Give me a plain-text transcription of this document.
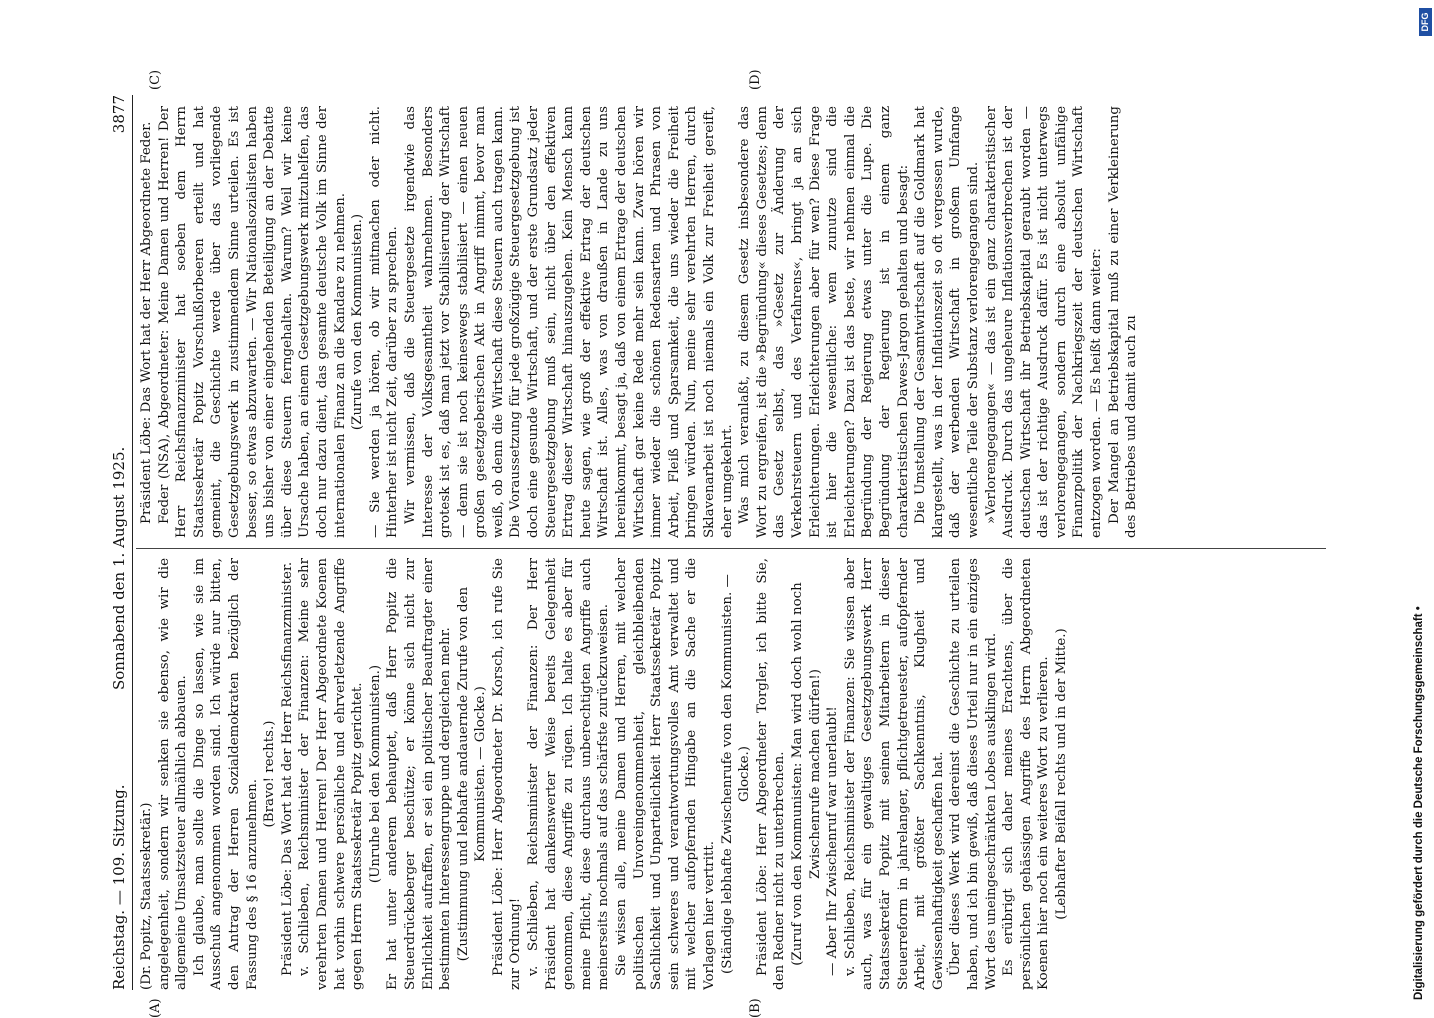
Reichstag. — 109. Sitzung.
Sonnabend den 1. August 1925.
3877

(Dr. Popitz, Staatssekretär.) angelegenheit, sondern wir senken sie ebenso, wie wir die allgemeine Umsatzsteuer allmählich abbauen. Ich glaube, man sollte die Dinge so lassen, wie sie im Ausschuß angenommen worden sind. Ich würde nur bitten, den Antrag der Herren Sozialdemokraten bezüglich der Fassung des § 16 anzunehmen.

(Bravo! rechts.) Präsident Löbe: Das Wort hat der Herr Reichsfinanzminister. v. Schlieben, Reichsminister der Finanzen: Meine sehr verehrten Damen und Herren! Der Herr Abgeordnete Koenen hat vorhin schwere persönliche und ehrverletzende Angriffe gegen Herrn Staatssekretär Popitz gerichtet. (Unruhe bei den Kommunisten.) Er hat unter anderem behauptet, daß Herr Popitz die Steuerdrückeberger beschütze; er könne sich nicht zur Ehrlichkeit aufraffen, er sei ein politischer Beauftragter einer bestimmten Interessengruppe und dergleichen mehr. (Zustimmung und lebhafte andauernde Zurufe von den Kommunisten. — Glocke.) Präsident Löbe: Herr Abgeordneter Dr. Korsch, ich rufe Sie zur Ordnung! v. Schlieben, Reichsminister der Finanzen: Der Herr Präsident hat dankenswerter Weise bereits Gelegenheit genommen, diese Angriffe zu rügen. Ich halte es aber für meine Pflicht, diese durchaus unberechtigten Angriffe auch meinerseits nochmals auf das schärfste zurückzuweisen. Sie wissen alle, meine Damen und Herren, mit welcher politischen Unvoreingenommenheit, gleichbleibenden Sachlichkeit und Unparteilichkeit Herr Staatssekretär Popitz sein schweres und verantwortungsvolles Amt verwaltet und mit welcher aufopfernden Hingabe an die Sache er die Vorlagen hier vertritt. (Ständige lebhafte Zwischenrufe von den Kommunisten. — Glocke.) Präsident Löbe: Herr Abgeordneter Torgler, ich bitte Sie, den Redner nicht zu unterbrechen. (Zuruf von den Kommunisten: Man wird doch wohl noch Zwischenrufe machen dürfen!) — Aber Ihr Zwischenruf war unerlaubt! v. Schlieben, Reichsminister der Finanzen: Sie wissen aber auch, was für ein gewaltiges Gesetzgebungswerk Herr Staatssekretär Popitz mit seinen Mitarbeitern in dieser Steuerreform in jahrelanger, pflichtgetreuester, aufopfernder Arbeit, mit größter Sachkenntnis, Klugheit und Gewissenhaftigkeit geschaffen hat. Über dieses Werk wird dereinst die Geschichte zu urteilen haben, und ich bin gewiß, daß dieses Urteil nur in ein einziges Wort des uneingeschränkten Lobes ausklingen wird. Es erübrigt sich daher meines Erachtens, über die persönlichen gehässigen Angriffe des Herrn Abgeordneten Koenen hier noch ein weiteres Wort zu verlieren. (Lebhafter Beifall rechts und in der Mitte.)

Präsident Löbe: Das Wort hat der Herr Abgeordnete Feder. Feder (NSA), Abgeordneter: Meine Damen und Herren! Der Herr Reichsfinanzminister hat soeben dem Herrn Staatssekretär Popitz Vorschußlorbeeren erteilt und hat gemeint, die Geschichte werde über das vorliegende Gesetzgebungswerk in zustimmendem Sinne urteilen. Es ist besser, so etwas abzuwarten. — Wir Nationalsozialisten haben uns bisher von einer eingehenden Beteiligung an der Debatte über diese Steuern ferngehalten. Warum? Weil wir keine Ursache haben, an einem Gesetzgebungswerk mitzuhelfen, das doch nur dazu dient, das gesamte deutsche Volk im Sinne der internationalen Finanz an die Kandare zu nehmen. (Zurufe von den Kommunisten.) — Sie werden ja hören, ob wir mitmachen oder nicht. Hinterher ist nicht Zeit, darüber zu sprechen. Wir vermissen, daß die Steuergesetze irgendwie das Interesse der Volksgesamtheit wahrnehmen. Besonders grotesk ist es, daß man jetzt vor Stabilisierung der Wirtschaft — denn sie ist noch keineswegs stabilisiert — einen neuen großen gesetzgeberischen Akt in Angriff nimmt, bevor man weiß, ob denn die Wirtschaft diese Steuern auch tragen kann. Die Voraussetzung für jede großzügige Steuergesetzgebung ist doch eine gesunde Wirtschaft, und der erste Grundsatz jeder Steuergesetzgebung muß sein, nicht über den effektiven Ertrag dieser Wirtschaft hinauszugehen. Kein Mensch kann heute sagen, wie groß der effektive Ertrag der deutschen Wirtschaft ist. Alles, was von draußen in Lande zu uns hereinkommt, besagt ja, daß von einem Ertrage der deutschen Wirtschaft gar keine Rede mehr sein kann. Zwar hören wir immer wieder die schönen Redensarten und Phrasen von Arbeit, Fleiß und Sparsamkeit, die uns wieder die Freiheit bringen würden. Nun, meine sehr verehrten Herren, durch Sklavenarbeit ist noch niemals ein Volk zur Freiheit gereift, eher umgekehrt. Was mich veranlaßt, zu diesem Gesetz insbesondere das Wort zu ergreifen, ist die »Begründung« dieses Gesetzes; denn das Gesetz selbst, das »Gesetz zur Änderung der Verkehrsteuern und des Verfahrens«, bringt ja an sich Erleichterungen. Erleichterungen aber für wen? Diese Frage ist hier die wesentliche: wem zunutze sind die Erleichterungen? Dazu ist das beste, wir nehmen einmal die Begründung der Regierung etwas unter die Lupe. Die Begründung der Regierung ist in einem ganz charakteristischen Dawes-Jargon gehalten und besagt: Die Umstellung der Gesamtwirtschaft auf die Goldmark hat klargestellt, was in der Inflationszeit so oft vergessen wurde, daß der werbenden Wirtschaft in großem Umfange wesentliche Teile der Substanz verlorengegangen sind. »Verlorengegangen« — das ist ein ganz charakteristischer Ausdruck. Durch das ungeheure Inflationsverbrechen ist der deutschen Wirtschaft ihr Betriebskapital geraubt worden — das ist der richtige Ausdruck dafür. Es ist nicht unterwegs verlorengegangen, sondern durch eine absolut unfähige Finanzpolitik der Nachkriegszeit der deutschen Wirtschaft entzogen worden. — Es heißt dann weiter: Der Mangel an Betriebskapital muß zu einer Verkleinerung des Betriebes und damit auch zu

(A)	(B)
(C)	(D)
DFG
Digitalisierung gefördert durch die Deutsche Forschungsgemeinschaft •
